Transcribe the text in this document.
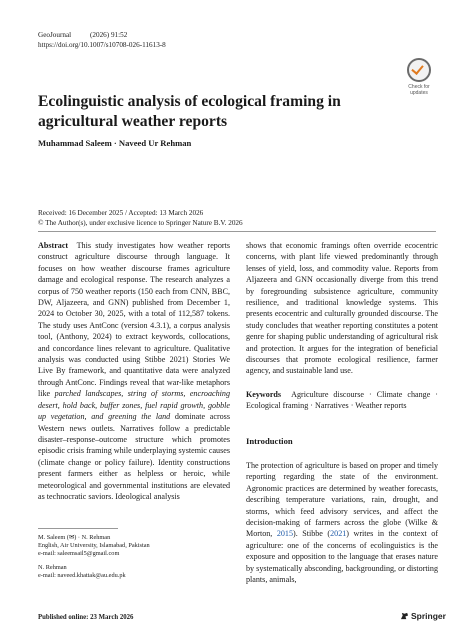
GeoJournal	(2026) 91:52
https://doi.org/10.1007/s10708-026-11613-8
Check for
updates
Ecolinguistic analysis of ecological framing in agricultural weather reports
Muhammad Saleem · Naveed Ur Rehman
Received: 16 December 2025 / Accepted: 13 March 2026
© The Author(s), under exclusive licence to Springer Nature B.V. 2026

Abstract This study investigates how weather reports construct agriculture discourse through language. It focuses on how weather discourse frames agriculture damage and ecological response. The research analyzes a corpus of 750 weather reports (150 each from CNN, BBC, DW, Aljazeera, and GNN) published from December 1, 2024 to October 30, 2025, with a total of 112,587 tokens. The study uses AntConc (version 4.3.1), a corpus analysis tool, (Anthony, 2024) to extract keywords, collocations, and concordance lines relevant to agriculture. Qualitative analysis was conducted using Stibbe 2021) Stories We Live By framework, and quantitative data were analyzed through AntConc. Findings reveal that war-like metaphors like parched landscapes, string of storms, encroaching desert, hold back, buffer zones, fuel rapid growth, gobble up vegetation, and greening the land dominate across Western news outlets. Narratives follow a predictable disaster–response–outcome structure which promotes episodic crisis framing while underplaying systemic causes (climate change or policy failure). Identity constructions present farmers either as helpless or heroic, while meteorological and governmental institutions are elevated as technocratic saviors. Ideological analysis

shows that economic framings often override ecocentric concerns, with plant life viewed predominantly through lenses of yield, loss, and commodity value. Reports from Aljazeera and GNN occasionally diverge from this trend by foregrounding subsistence agriculture, community resilience, and traditional knowledge systems. This presents ecocentric and culturally grounded discourse. The study concludes that weather reporting constitutes a potent genre for shaping public understanding of agricultural risk and protection. It argues for the integration of beneficial discourses that promote ecological resilience, farmer agency, and sustainable land use.

Keywords Agriculture discourse · Climate change · Ecological framing · Narratives · Weather reports

Introduction
The protection of agriculture is based on proper and timely reporting regarding the state of the environment. Agronomic practices are determined by weather forecasts, describing temperature variations, rain, drought, and storms, which feed advisory services, and affect the decision-making of farmers across the globe (Wilke & Morton, 2015). Stibbe (2021) writes in the context of agriculture: one of the concerns of ecolinguistics is the exposure and opposition to the language that erases nature by systematically absconding, backgrounding, or distorting plants, animals,
M. Saleem (✉) · N. Rehman
English, Air University, Islamabad, Pakistan
e-mail: saleemsail5@gmail.com
N. Rehman
e-mail: naveed.khattak@au.edu.pk
Published online: 23 March 2026	Springer
